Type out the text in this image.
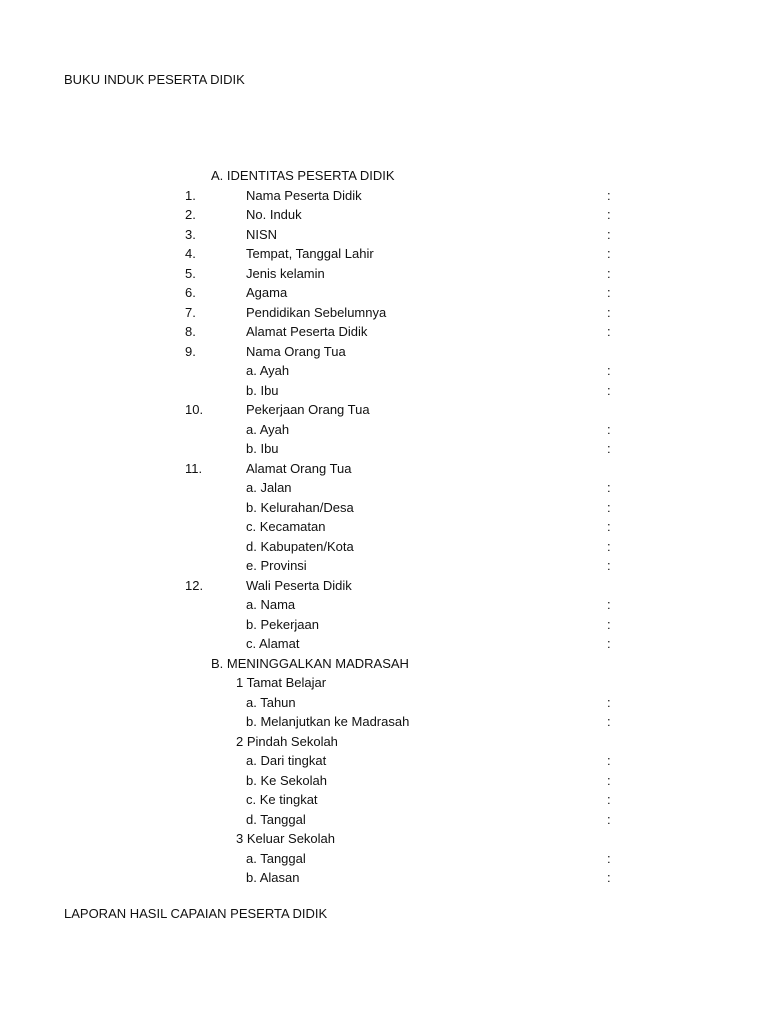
BUKU INDUK PESERTA DIDIK
A. IDENTITAS PESERTA DIDIK
1.	Nama Peserta Didik	:
2.	No. Induk	:
3.	NISN	:
4.	Tempat, Tanggal Lahir	:
5.	Jenis kelamin	:
6.	Agama	:
7.	Pendidikan Sebelumnya	:
8.	Alamat Peserta Didik	:
9.	Nama Orang Tua
a. Ayah	:
b. Ibu	:
10.	Pekerjaan Orang Tua
a. Ayah	:
b. Ibu	:
11.	Alamat Orang Tua
a. Jalan	:
b. Kelurahan/Desa	:
c. Kecamatan	:
d. Kabupaten/Kota	:
e. Provinsi	:
12.	Wali Peserta Didik
a. Nama	:
b. Pekerjaan	:
c. Alamat	:
B. MENINGGALKAN MADRASAH
1 Tamat Belajar
a. Tahun	:
b. Melanjutkan ke Madrasah	:
2 Pindah Sekolah
a. Dari tingkat	:
b. Ke Sekolah	:
c. Ke tingkat	:
d. Tanggal	:
3 Keluar Sekolah
a. Tanggal	:
b. Alasan	:
LAPORAN HASIL CAPAIAN PESERTA DIDIK
